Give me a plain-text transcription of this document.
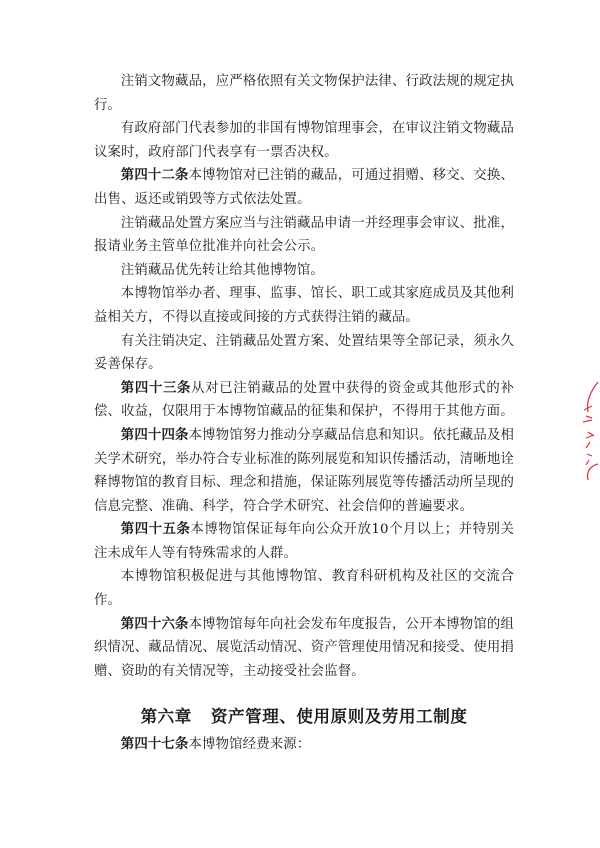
注销文物藏品，应严格依照有关文物保护法律、行政法规的规定执行。

有政府部门代表参加的非国有博物馆理事会，在审议注销文物藏品议案时，政府部门代表享有一票否决权。

第四十二条本博物馆对已注销的藏品，可通过捐赠、移交、交换、出售、返还或销毁等方式依法处置。

注销藏品处置方案应当与注销藏品申请一并经理事会审议、批准，报请业务主管单位批准并向社会公示。

注销藏品优先转让给其他博物馆。

本博物馆举办者、理事、监事、馆长、职工或其家庭成员及其他利益相关方，不得以直接或间接的方式获得注销的藏品。

有关注销决定、注销藏品处置方案、处置结果等全部记录，须永久妥善保存。

第四十三条从对已注销藏品的处置中获得的资金或其他形式的补偿、收益，仅限用于本博物馆藏品的征集和保护，不得用于其他方面。

第四十四条本博物馆努力推动分享藏品信息和知识。依托藏品及相关学术研究，举办符合专业标准的陈列展览和知识传播活动，清晰地诠释博物馆的教育目标、理念和措施，保证陈列展览等传播活动所呈现的信息完整、准确、科学，符合学术研究、社会信仰的普遍要求。

第四十五条本博物馆保证每年向公众开放10个月以上；并特别关注未成年人等有特殊需求的人群。

本博物馆积极促进与其他博物馆、教育科研机构及社区的交流合作。

第四十六条本博物馆每年向社会发布年度报告，公开本博物馆的组织情况、藏品情况、展览活动情况、资产管理使用情况和接受、使用捐赠、资助的有关情况等，主动接受社会监督。

第六章 资产管理、使用原则及劳用工制度

第四十七条本博物馆经费来源：
